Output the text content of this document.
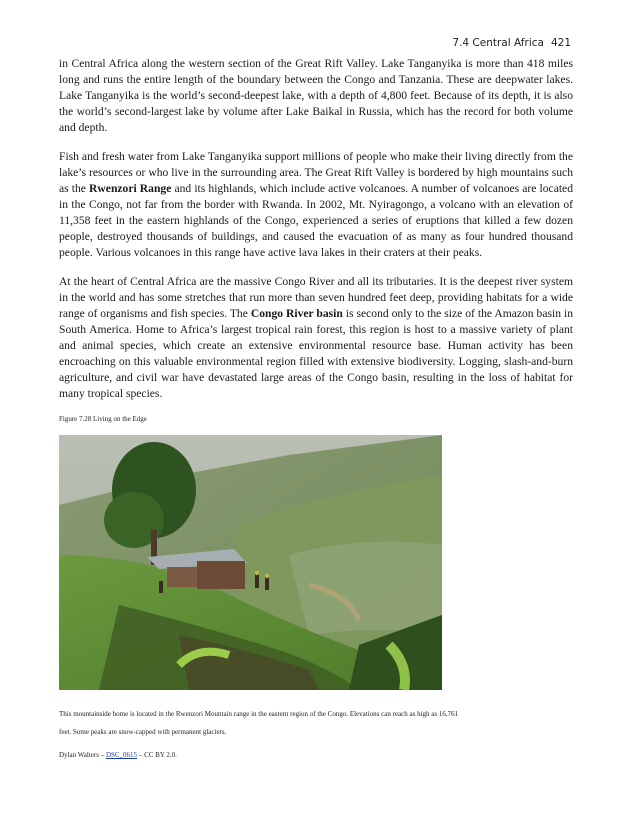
7.4 Central Africa 421

in Central Africa along the western section of the Great Rift Valley. Lake Tanganyika is more than 418 miles long and runs the entire length of the boundary between the Congo and Tanzania. These are deepwater lakes. Lake Tanganyika is the world’s second-deepest lake, with a depth of 4,800 feet. Because of its depth, it is also the world’s second-largest lake by volume after Lake Baikal in Russia, which has the record for both volume and depth.

Fish and fresh water from Lake Tanganyika support millions of people who make their living directly from the lake’s resources or who live in the surrounding area. The Great Rift Valley is bordered by high mountains such as the Rwenzori Range and its highlands, which include active volcanoes. A number of volcanoes are located in the Congo, not far from the border with Rwanda. In 2002, Mt. Nyiragongo, a volcano with an elevation of 11,358 feet in the eastern highlands of the Congo, experienced a series of eruptions that killed a few dozen people, destroyed thousands of buildings, and caused the evacuation of as many as four hundred thousand people. Various volcanoes in this range have active lava lakes in their craters at their peaks.

At the heart of Central Africa are the massive Congo River and all its tributaries. It is the deepest river system in the world and has some stretches that run more than seven hundred feet deep, providing habitats for a wide range of organisms and fish species. The Congo River basin is second only to the size of the Amazon basin in South America. Home to Africa’s largest tropical rain forest, this region is host to a massive variety of plant and animal species, which create an extensive environmental resource base. Human activity has been encroaching on this valuable environmental region filled with extensive biodiversity. Logging, slash-and-burn agriculture, and civil war have devastated large areas of the Congo basin, resulting in the loss of habitat for many tropical species.

Figure 7.28 Living on the Edge
This mountainside home is located in the Rwenzori Mountain range in the eastern region of the Congo. Elevations can reach as high as 16,761 feet. Some peaks are snow-capped with permanent glaciers.
Dylan Walters – DSC_0615 – CC BY 2.0.
